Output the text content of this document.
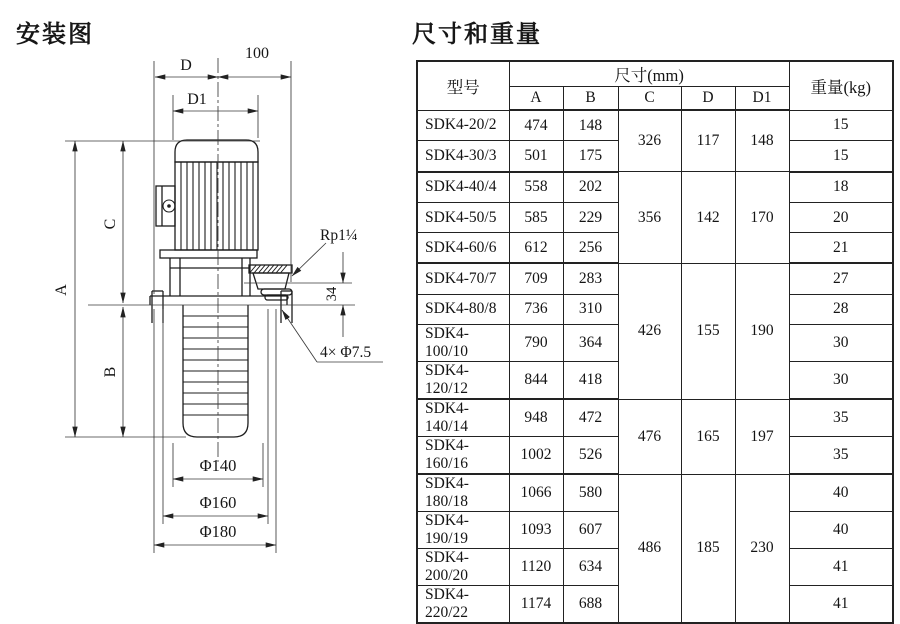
安装图	尺寸和重量
D
100
D1
A
C
B
34
Rp1¼
4× Φ7.5
Φ140
Φ160
Φ180
型号	尺寸(mm)					重量(kg)
	A	B	C	D	D1	
SDK4-20/2	474	148	326	117	148	15
SDK4-30/3	501	175				15
SDK4-40/4	558	202	356	142	170	18
SDK4-50/5	585	229				20
SDK4-60/6	612	256				21
SDK4-70/7	709	283	426	155	190	27
SDK4-80/8	736	310				28
SDK4-100/10	790	364				30
SDK4-120/12	844	418				30
SDK4-140/14	948	472	476	165	197	35
SDK4-160/16	1002	526				35
SDK4-180/18	1066	580	486	185	230	40
SDK4-190/19	1093	607				40
SDK4-200/20	1120	634				41
SDK4-220/22	1174	688				41
